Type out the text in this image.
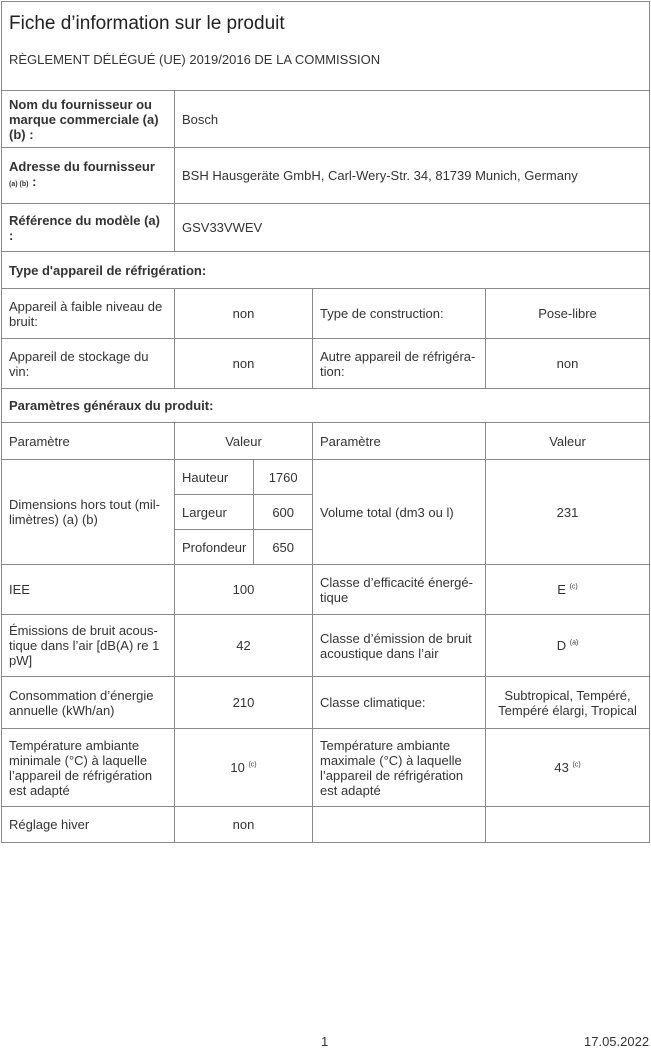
Fiche d’information sur le produit
RÈGLEMENT DÉLÉGUÉ (UE) 2019/2016 DE LA COMMISSION

Nom du fournisseur ou marque commerciale (a) (b) :	Bosch
Adresse du fournisseur
(a) (b) :	BSH Hausgeräte GmbH, Carl-Wery-Str. 34, 81739 Munich, Germany
Référence du modèle (a) :	GSV33VWEV
Type d'appareil de réfrigération:
Appareil à faible niveau de bruit:	non	Type de construction:	Pose-libre
Appareil de stockage du vin:	non	Autre appareil de réfrigéra-tion:	non
Paramètres généraux du produit:
Paramètre	Valeur	Paramètre	Valeur
Dimensions hors tout (mil-limètres) (a) (b)	
Hauteur	1760
Largeur	600
Profondeur	650
	Volume total (dm3 ou l)	231
IEE	100	Classe d’efficacité énergé-tique	E $^{(c)}$
Émissions de bruit acous-tique dans l’air [dB(A) re 1 pW]	42	Classe d’émission de bruit acoustique dans l’air	D $^{(a)}$
Consommation d’énergie annuelle (kWh/an)	210	Classe climatique:	Subtropical, Tempéré, Tempéré élargi, Tropical
Température ambiante minimale (°C) à laquelle l’appareil de réfrigération est adapté	10 $^{(c)}$	Température ambiante maximale (°C) à laquelle l’appareil de réfrigération est adapté	43 $^{(c)}$
Réglage hiver	non		
1	17.05.2022
